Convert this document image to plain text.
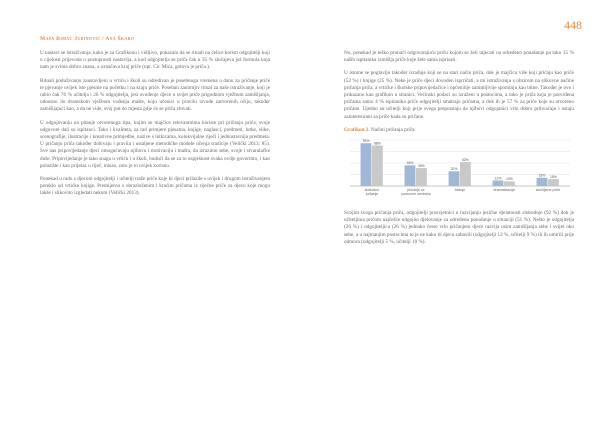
448
Maša Rimac Jurinović / Ana Škaro

U nastavi se istraživanja, kako je za Grafikonu i vidljivo, pokazalo da se rituali na čelice koristi odgojitelji koji u cijelosti prijevoda u postupnosti nastavlja, a kod odgojitelja se priča čak u 35 % slučajeva još formula koja nam je svima dobro znana, a označava kraj priče (npr. Cic Mića, gotova je priča.).

Rituali poduživanju zaustavljeni u vrtiću i školi su odredivan je posebnoga vremena u danu za pričanje priče te pjevanje uvijek iste pjesme na početku i na kraju priče. Poseban zanimljiv ritual za naše istraživanje, koji je rabio čak 76 % učitelja i 26 % odgojitelja, jest uvođenje djece u svijet priče prigodnom vježbom zamišljanja, odnosno do dramskom vježbom vođenja mašte, koju učenici u pravilu izvode zatvorenih očiju, također zamišljajući kao, a da ne vide, svoj put do mjesta gdje će se priča zbivati.

U odgojovanju na pitanje otvorenoga tipa, kojim se majčice relevantnima koriste pri pričanju priča, svoje odgovore dali su ispitanci. Tako i kvaliteta, za rad primjere pjesama, knjige, naglasci, predmeti, lutke, slike, scenografije, ilustracije i kreativne primjedbe, nazive s lutkicama, kolokvijalne riječi i jednostavnija predmeta. U pričanju priča također dobivaju i pravila i ustaljene metodičke modele učenja tradicije (Velički 2013: 85). Sve nas pripovijedanje djeci omogućavaju njihovu i motivaciju i maštu, da izrazimo sebe, svoje i stvaralačke duše. Pripovijedanje je tako snaga u vrtiću i u školi, budući da se za to uspješnost svaka ovdje govorimo, i kao polazište i kao prijelaz u riječ, misao, zato je to uvijek korisno.

Ponekad u radu s djecom odgojitelji i učitelji traže priče koje bi djeci prilazile s uvijek i drugom istraživanjem poreklo od vrtićke knjige, Premijerno s obrazloženim i kraćim pričama iz riječne priče za djecu koje mogu lakše i slikovito izgledati nekom (Velički 2013).

No, ponekad je teško pronaći odgovarajuću priču kojom se želi utjecati na određeno ponašanje pa tako 15 % naših ispitanika izmišlja priče koje žele sama isprisati.

U istome se poglavlju također izrađuje koji se na stari način priča, dok je majčicu više koji pričaju kao priče (52 %) i knjige (25 %). Neke je priče djeci dovođen isprričati, a mi istraživanju s obzirom na slikovne načine pričanja priča, a vrtićke i školske pripovijedačice i općenitije zanimljivije spominju kao bitne. Također je ovo i prikazano kao grafikon u stranici. Većinski podaci su izraženi u postocima, a tako je priča koja je potvrđena pričama samo 4 % ispitanika priče odgojitelji smatraju pričama, a dok ih je 57 % za priče koje su otvoreno pričane. Ujedno su učitelji koji prije svega prepoznaju da njihovi odgojanici vrlo dobro prihvaćaju i ostaju zainteresirani za priče kada su pričane.

Grafikon 2. Načini pričanja priča
93%
88%
slobodno pričanje
45%
39%
pričanje uz pomoćne sredstva
32%
52%
čitanje
12% 10%
dramatizacija
18% 15%
izmišljene priče

Svojim svoga pričanja priča, odgojitelji prosvjetnici u razvijanju jezične djelatnosti slobodnje (92 %) dok je učiteljima pričom najčešće odgojno djelovanje za određenu ponašanje u situaciji (51 %). Nešto je odgojitelja (26 %) i odgojiteljica (26 %) jednako često vrlo pričanjem djece razvija osim zamišljanja sebe i svijet oko sebe, a u najmanjim postocima to je ne kako bi djeca zabavili (odgojitelji 12 %, učitelji 9 %) ili ih umirili prije odmora (odgojitelji 5 %, učitelji 10 %).
